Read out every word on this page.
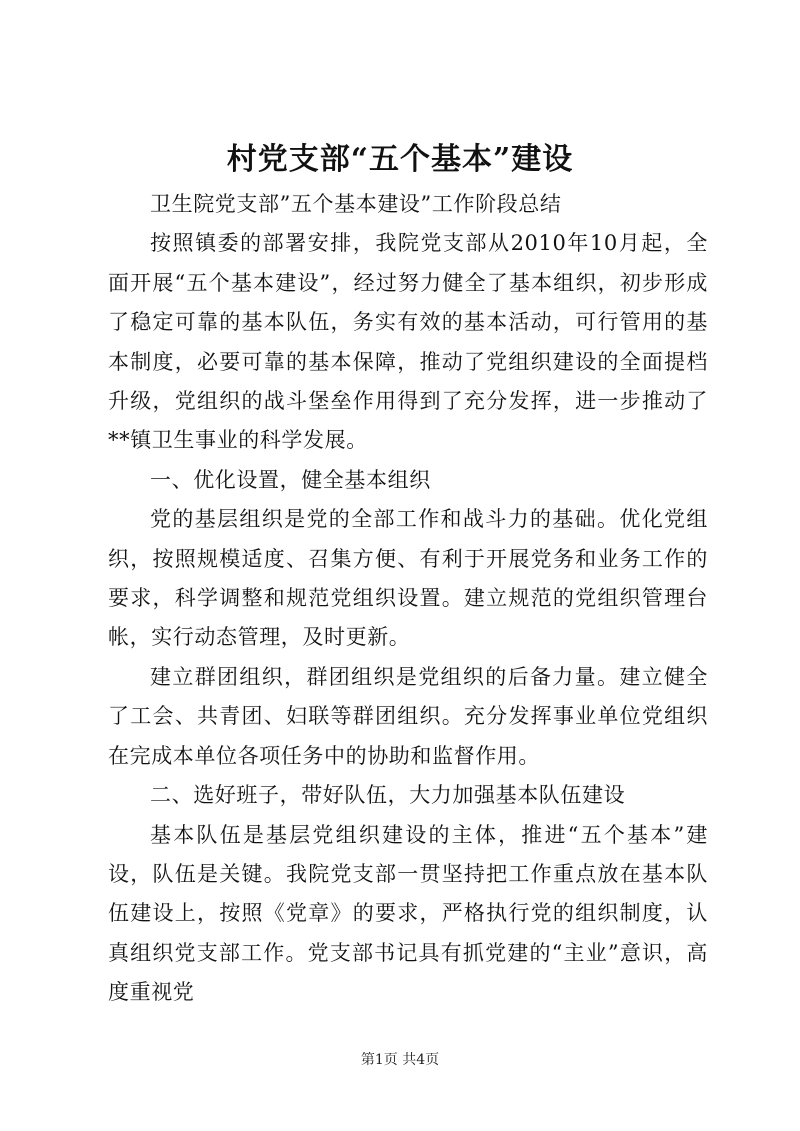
村党支部“五个基本”建设

卫生院党支部”五个基本建设”工作阶段总结

按照镇委的部署安排，我院党支部从2010年10月起，全面开展“五个基本建设”，经过努力健全了基本组织，初步形成了稳定可靠的基本队伍，务实有效的基本活动，可行管用的基本制度，必要可靠的基本保障，推动了党组织建设的全面提档升级，党组织的战斗堡垒作用得到了充分发挥，进一步推动了**镇卫生事业的科学发展。

一、优化设置，健全基本组织

党的基层组织是党的全部工作和战斗力的基础。优化党组织，按照规模适度、召集方便、有利于开展党务和业务工作的要求，科学调整和规范党组织设置。建立规范的党组织管理台帐，实行动态管理，及时更新。

建立群团组织，群团组织是党组织的后备力量。建立健全了工会、共青团、妇联等群团组织。充分发挥事业单位党组织在完成本单位各项任务中的协助和监督作用。

二、选好班子，带好队伍，大力加强基本队伍建设

基本队伍是基层党组织建设的主体，推进“五个基本”建设，队伍是关键。我院党支部一贯坚持把工作重点放在基本队伍建设上，按照《党章》的要求，严格执行党的组织制度，认真组织党支部工作。党支部书记具有抓党建的“主业”意识，高度重视党

第1页 共4页
